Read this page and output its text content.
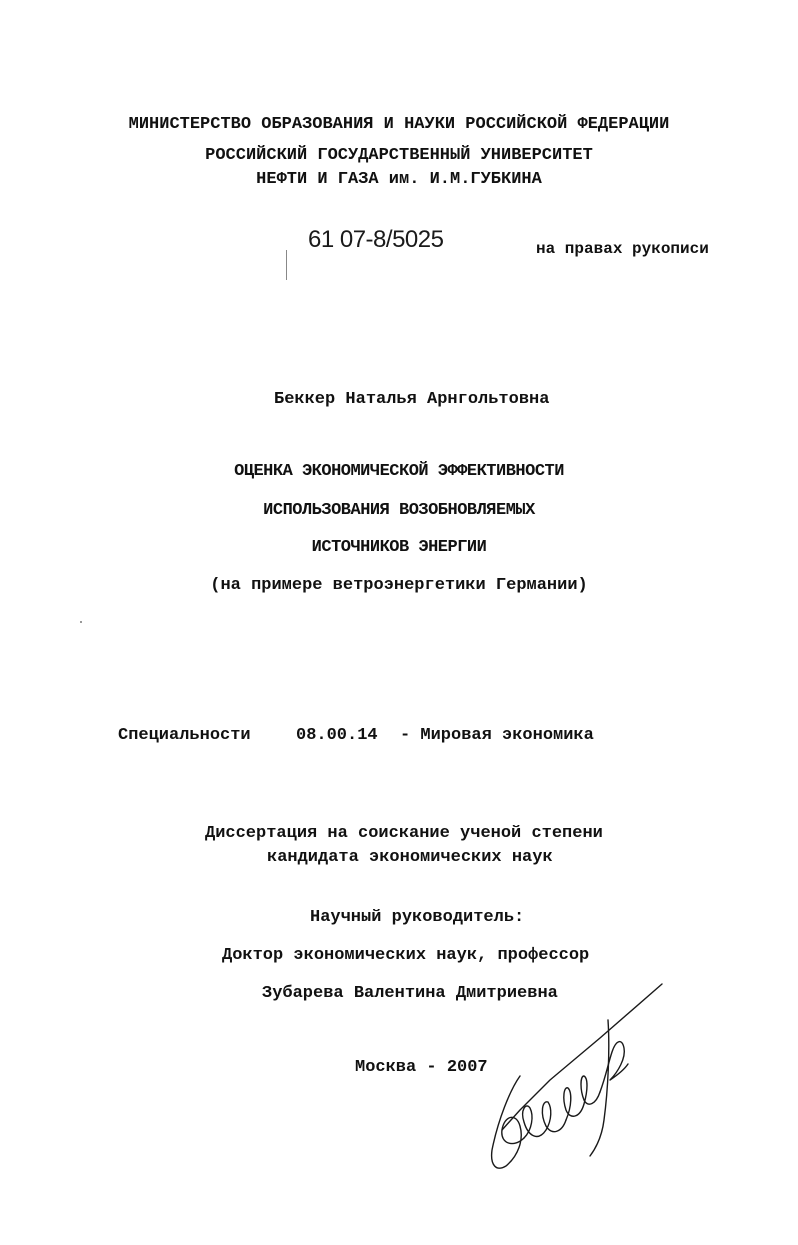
МИНИСТЕРСТВО ОБРАЗОВАНИЯ И НАУКИ РОССИЙСКОЙ ФЕДЕРАЦИИ
РОССИЙСКИЙ ГОСУДАРСТВЕННЫЙ УНИВЕРСИТЕТ
НЕФТИ И ГАЗА им. И.М.ГУБКИНА
61 07-8/5025	на правах рукописи
Беккер Наталья Арнгольтовна
ОЦЕНКА ЭКОНОМИЧЕСКОЙ ЭФФЕКТИВНОСТИ
ИСПОЛЬЗОВАНИЯ ВОЗОБНОВЛЯЕМЫХ
ИСТОЧНИКОВ ЭНЕРГИИ
(на примере ветроэнергетики Германии)
Специальности	08.00.14 - Мировая экономика
Диссертация на соискание ученой степени
кандидата экономических наук
Научный руководитель:
Доктор экономических наук, профессор
Зубарева Валентина Дмитриевна
Москва - 2007
